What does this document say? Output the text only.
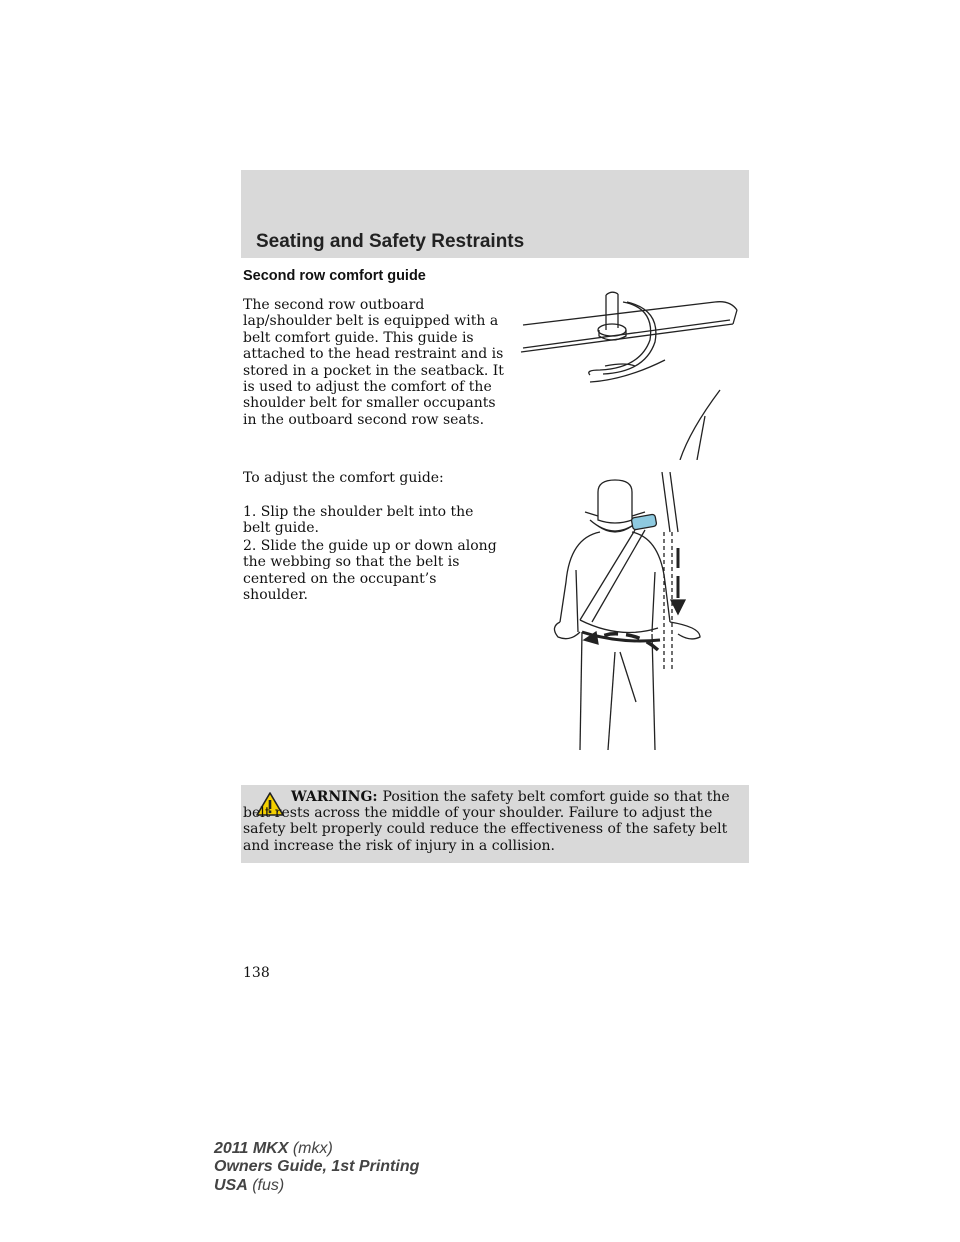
Seating and Safety Restraints
Second row comfort guide

The second row outboard lap/shoulder belt is equipped with a belt comfort guide. This guide is attached to the head restraint and is stored in a pocket in the seatback. It is used to adjust the comfort of the shoulder belt for smaller occupants in the outboard second row seats.

To adjust the comfort guide:

1. Slip the shoulder belt into the belt guide.

2. Slide the guide up or down along the webbing so that the belt is centered on the occupant’s shoulder.

WARNING: Position the safety belt comfort guide so that the belt rests across the middle of your shoulder. Failure to adjust the safety belt properly could reduce the effectiveness of the safety belt and increase the risk of injury in a collision.
138
2011 MKX (mkx)
Owners Guide, 1st Printing
USA (fus)
